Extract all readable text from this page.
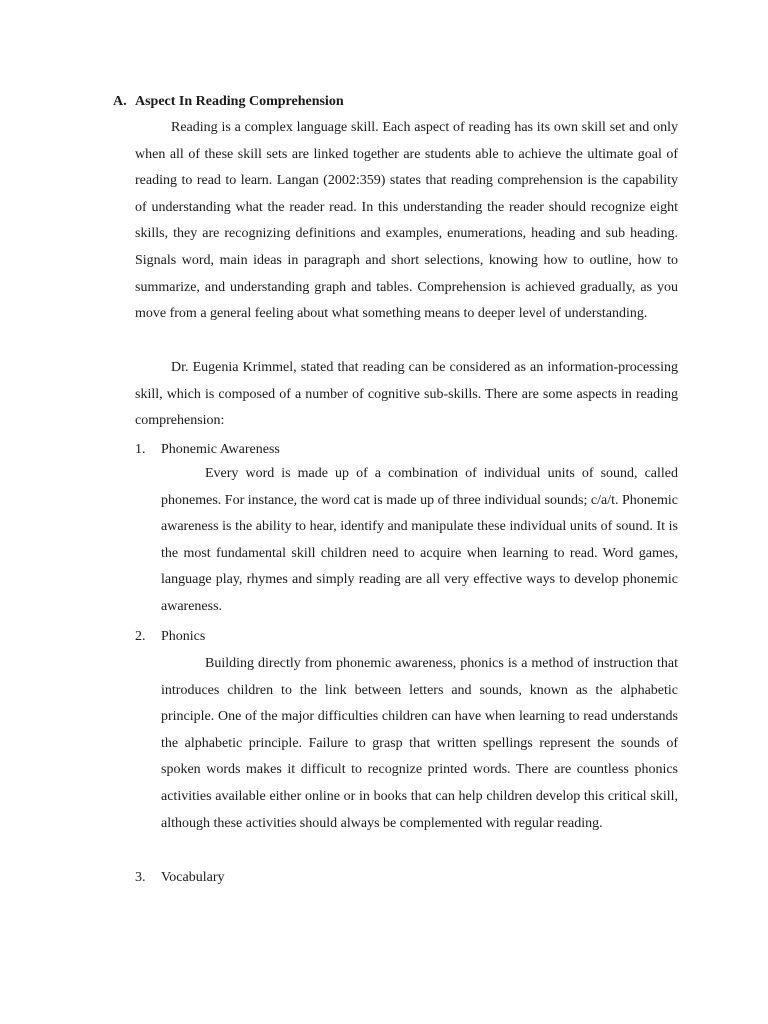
A. Aspect In Reading Comprehension

Reading is a complex language skill. Each aspect of reading has its own skill set and only when all of these skill sets are linked together are students able to achieve the ultimate goal of reading to read to learn. Langan (2002:359) states that reading comprehension is the capability of understanding what the reader read. In this understanding the reader should recognize eight skills, they are recognizing definitions and examples, enumerations, heading and sub heading. Signals word, main ideas in paragraph and short selections, knowing how to outline, how to summarize, and understanding graph and tables. Comprehension is achieved gradually, as you move from a general feeling about what something means to deeper level of understanding.

Dr. Eugenia Krimmel, stated that reading can be considered as an information-processing skill, which is composed of a number of cognitive sub-skills. There are some aspects in reading comprehension:

1. Phonemic Awareness

Every word is made up of a combination of individual units of sound, called phonemes. For instance, the word cat is made up of three individual sounds; c/a/t. Phonemic awareness is the ability to hear, identify and manipulate these individual units of sound. It is the most fundamental skill children need to acquire when learning to read. Word games, language play, rhymes and simply reading are all very effective ways to develop phonemic awareness.

2. Phonics

Building directly from phonemic awareness, phonics is a method of instruction that introduces children to the link between letters and sounds, known as the alphabetic principle. One of the major difficulties children can have when learning to read understands the alphabetic principle. Failure to grasp that written spellings represent the sounds of spoken words makes it difficult to recognize printed words. There are countless phonics activities available either online or in books that can help children develop this critical skill, although these activities should always be complemented with regular reading.

3. Vocabulary
